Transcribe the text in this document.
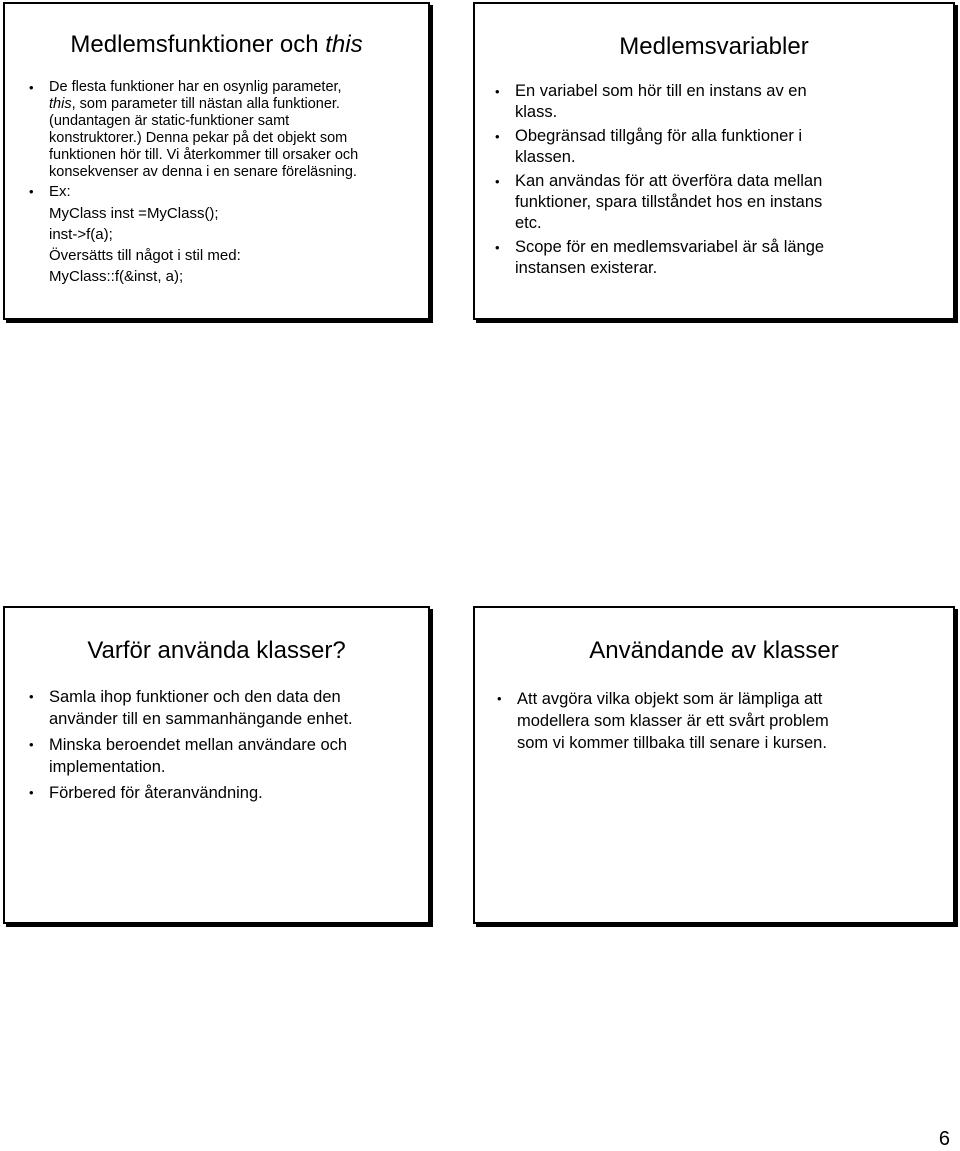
Medlemsfunktioner och this
• De flesta funktioner har en osynlig parameter,
this, som parameter till nästan alla funktioner.
(undantagen är static-funktioner samt
konstruktorer.) Denna pekar på det objekt som
funktionen hör till. Vi återkommer till orsaker och
konsekvenser av denna i en senare föreläsning.
• Ex:
MyClass inst =MyClass();
inst->f(a);
Översätts till något i stil med:
MyClass::f(&inst, a);
Medlemsvariabler
• En variabel som hör till en instans av en
klass.
• Obegränsad tillgång för alla funktioner i
klassen.
• Kan användas för att överföra data mellan
funktioner, spara tillståndet hos en instans
etc.
• Scope för en medlemsvariabel är så länge
instansen existerar.
Varför använda klasser?
• Samla ihop funktioner och den data den
använder till en sammanhängande enhet.
• Minska beroendet mellan användare och
implementation.
• Förbered för återanvändning.
Användande av klasser
• Att avgöra vilka objekt som är lämpliga att
modellera som klasser är ett svårt problem
som vi kommer tillbaka till senare i kursen.
6
